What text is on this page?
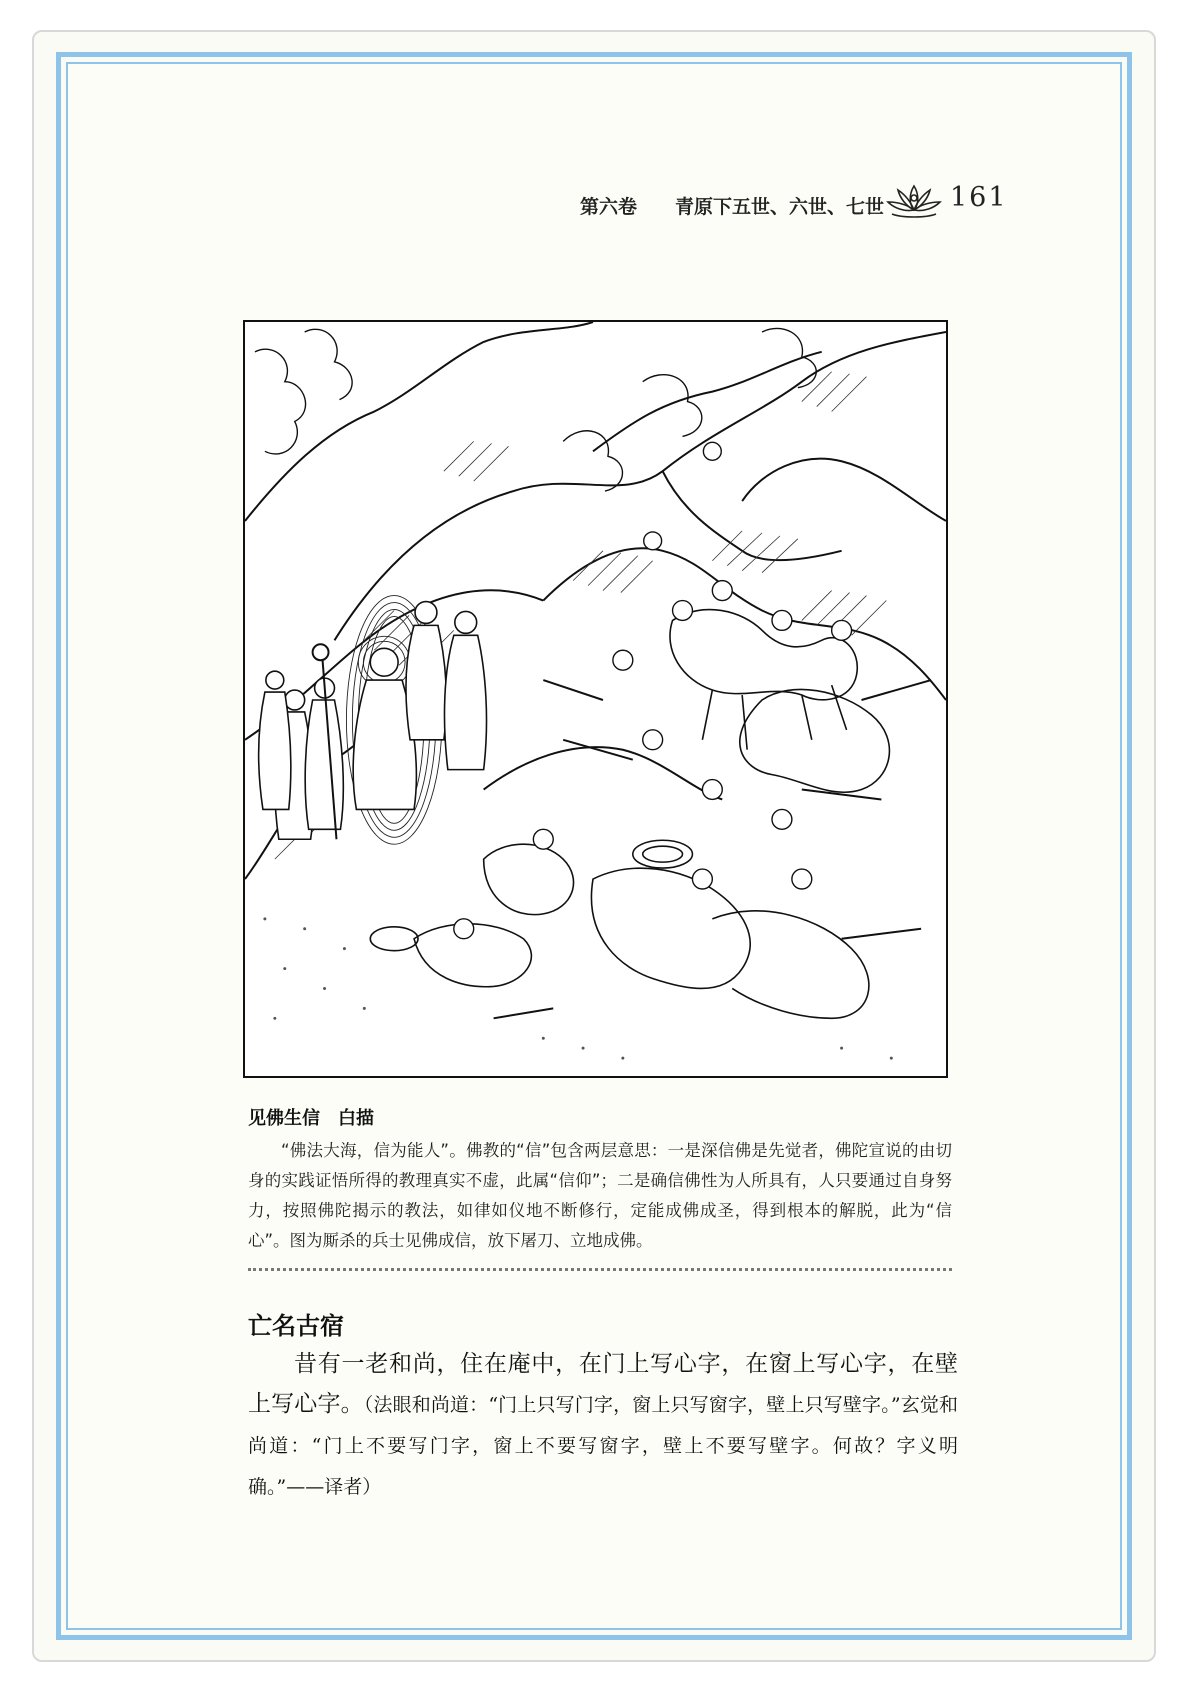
第六卷　　青原下五世、六世、七世 161
见佛生信　白描
“佛法大海，信为能人”。佛教的“信”包含两层意思：一是深信佛是先觉者，佛陀宣说的由切身的实践证悟所得的教理真实不虚，此属“信仰”；二是确信佛性为人所具有，人只要通过自身努力，按照佛陀揭示的教法，如律如仪地不断修行，定能成佛成圣，得到根本的解脱，此为“信心”。图为厮杀的兵士见佛成信，放下屠刀、立地成佛。
亡名古宿
昔有一老和尚，住在庵中，在门上写心字，在窗上写心字，在壁上写心字。（法眼和尚道：“门上只写门字，窗上只写窗字，壁上只写壁字。”玄觉和尚道：“门上不要写门字，窗上不要写窗字，壁上不要写壁字。何故？字义明确。”——译者）
